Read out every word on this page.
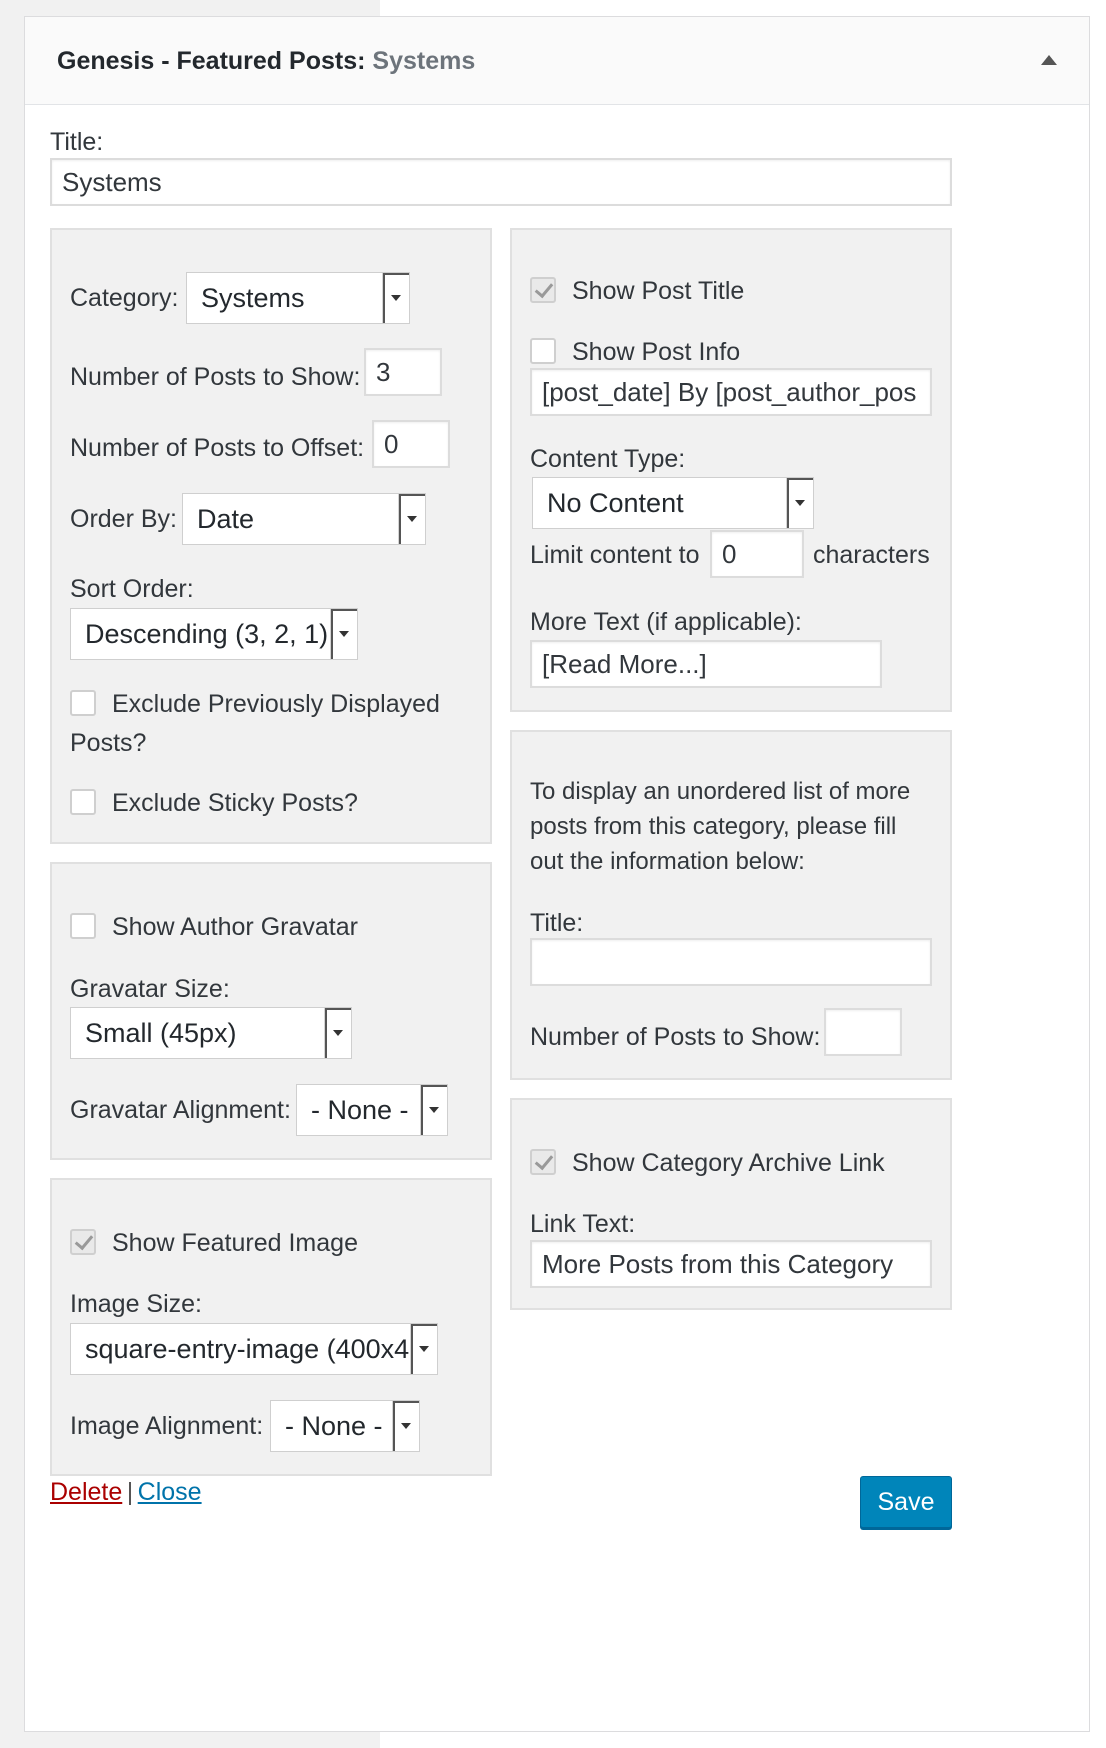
Genesis - Featured Posts: Systems
Title:
Systems
Category: Systems
Number of Posts to Show: 3
Number of Posts to Offset: 0
Order By: Date
Sort Order:
Descending (3, 2, 1)
Exclude Previously Displayed
Posts?
Exclude Sticky Posts?
Show Author Gravatar
Gravatar Size:
Small (45px)
Gravatar Alignment: - None -
Show Featured Image
Image Size:
square-entry-image (400x4
Image Alignment: - None -
Show Post Title
Show Post Info
[post_date] By [post_author_pos
Content Type:
No Content
Limit content to 0	characters
More Text (if applicable):
[Read More...]
To display an unordered list of more
posts from this category, please fill
out the information below:
Title:
Number of Posts to Show:
Show Category Archive Link
Link Text:
More Posts from this Category
Delete | Close	Save
